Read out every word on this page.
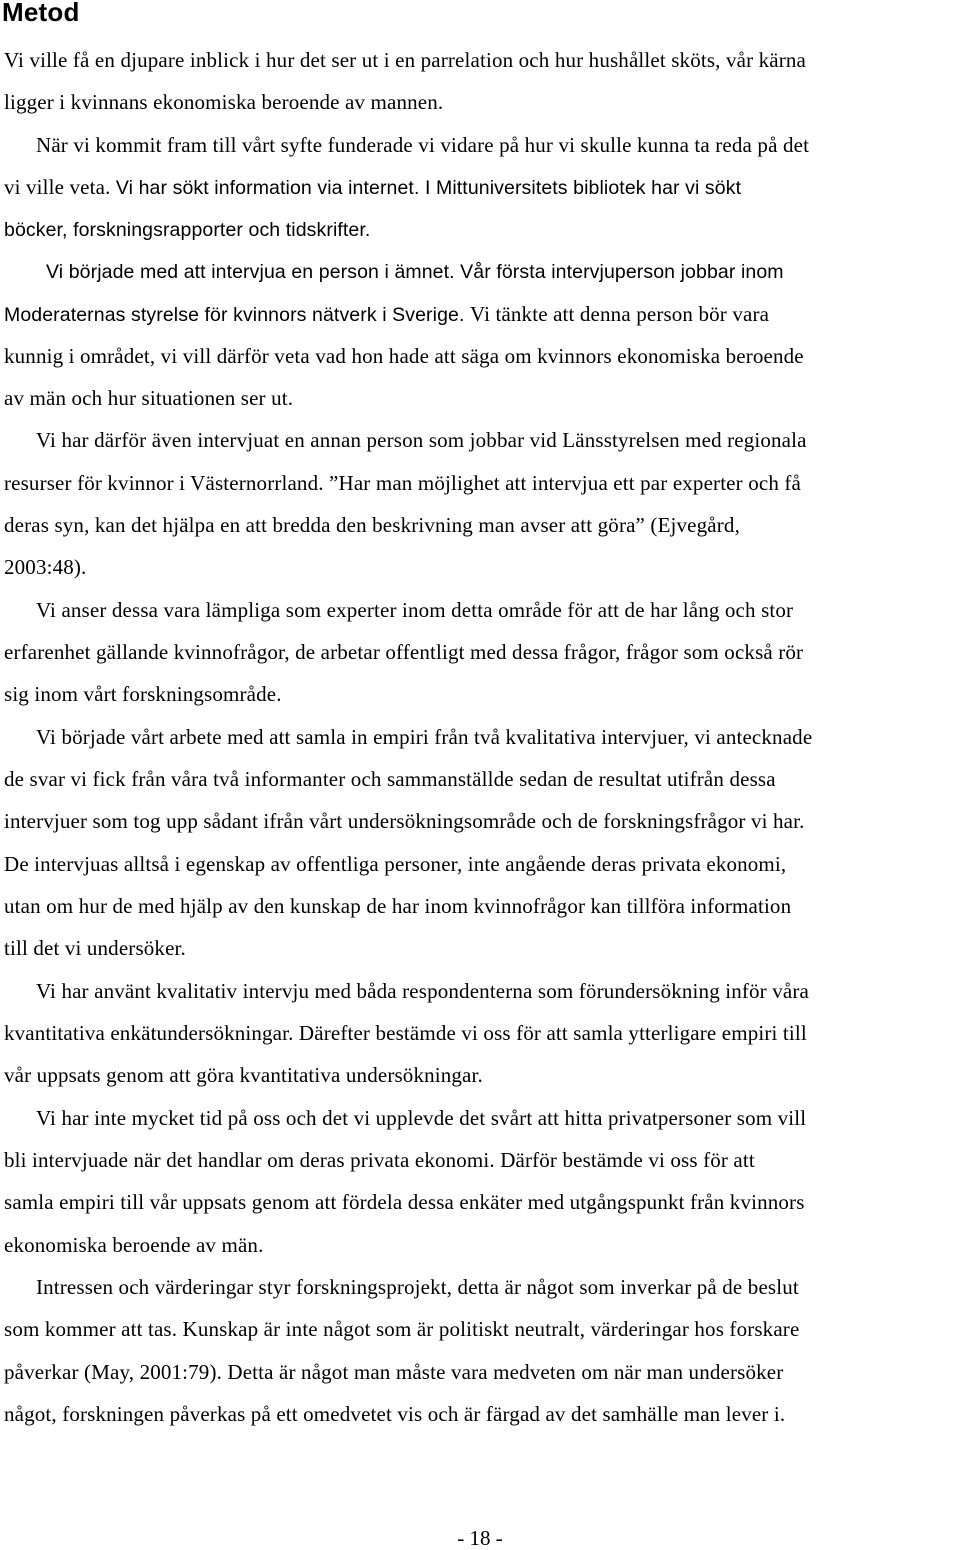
Metod
Vi ville få en djupare inblick i hur det ser ut i en parrelation och hur hushållet sköts, vår kärna
ligger i kvinnans ekonomiska beroende av mannen.
När vi kommit fram till vårt syfte funderade vi vidare på hur vi skulle kunna ta reda på det
vi ville veta. Vi har sökt information via internet. I Mittuniversitets bibliotek har vi sökt
böcker, forskningsrapporter och tidskrifter.
Vi började med att intervjua en person i ämnet. Vår första intervjuperson jobbar inom
Moderaternas styrelse för kvinnors nätverk i Sverige. Vi tänkte att denna person bör vara
kunnig i området, vi vill därför veta vad hon hade att säga om kvinnors ekonomiska beroende
av män och hur situationen ser ut.
Vi har därför även intervjuat en annan person som jobbar vid Länsstyrelsen med regionala
resurser för kvinnor i Västernorrland. ”Har man möjlighet att intervjua ett par experter och få
deras syn, kan det hjälpa en att bredda den beskrivning man avser att göra” (Ejvegård,
2003:48).
Vi anser dessa vara lämpliga som experter inom detta område för att de har lång och stor
erfarenhet gällande kvinnofrågor, de arbetar offentligt med dessa frågor, frågor som också rör
sig inom vårt forskningsområde.
Vi började vårt arbete med att samla in empiri från två kvalitativa intervjuer, vi antecknade
de svar vi fick från våra två informanter och sammanställde sedan de resultat utifrån dessa
intervjuer som tog upp sådant ifrån vårt undersökningsområde och de forskningsfrågor vi har.
De intervjuas alltså i egenskap av offentliga personer, inte angående deras privata ekonomi,
utan om hur de med hjälp av den kunskap de har inom kvinnofrågor kan tillföra information
till det vi undersöker.
Vi har använt kvalitativ intervju med båda respondenterna som förundersökning inför våra
kvantitativa enkätundersökningar. Därefter bestämde vi oss för att samla ytterligare empiri till
vår uppsats genom att göra kvantitativa undersökningar.
Vi har inte mycket tid på oss och det vi upplevde det svårt att hitta privatpersoner som vill
bli intervjuade när det handlar om deras privata ekonomi. Därför bestämde vi oss för att
samla empiri till vår uppsats genom att fördela dessa enkäter med utgångspunkt från kvinnors
ekonomiska beroende av män.
Intressen och värderingar styr forskningsprojekt, detta är något som inverkar på de beslut
som kommer att tas. Kunskap är inte något som är politiskt neutralt, värderingar hos forskare
påverkar (May, 2001:79). Detta är något man måste vara medveten om när man undersöker
något, forskningen påverkas på ett omedvetet vis och är färgad av det samhälle man lever i.
- 18 -
